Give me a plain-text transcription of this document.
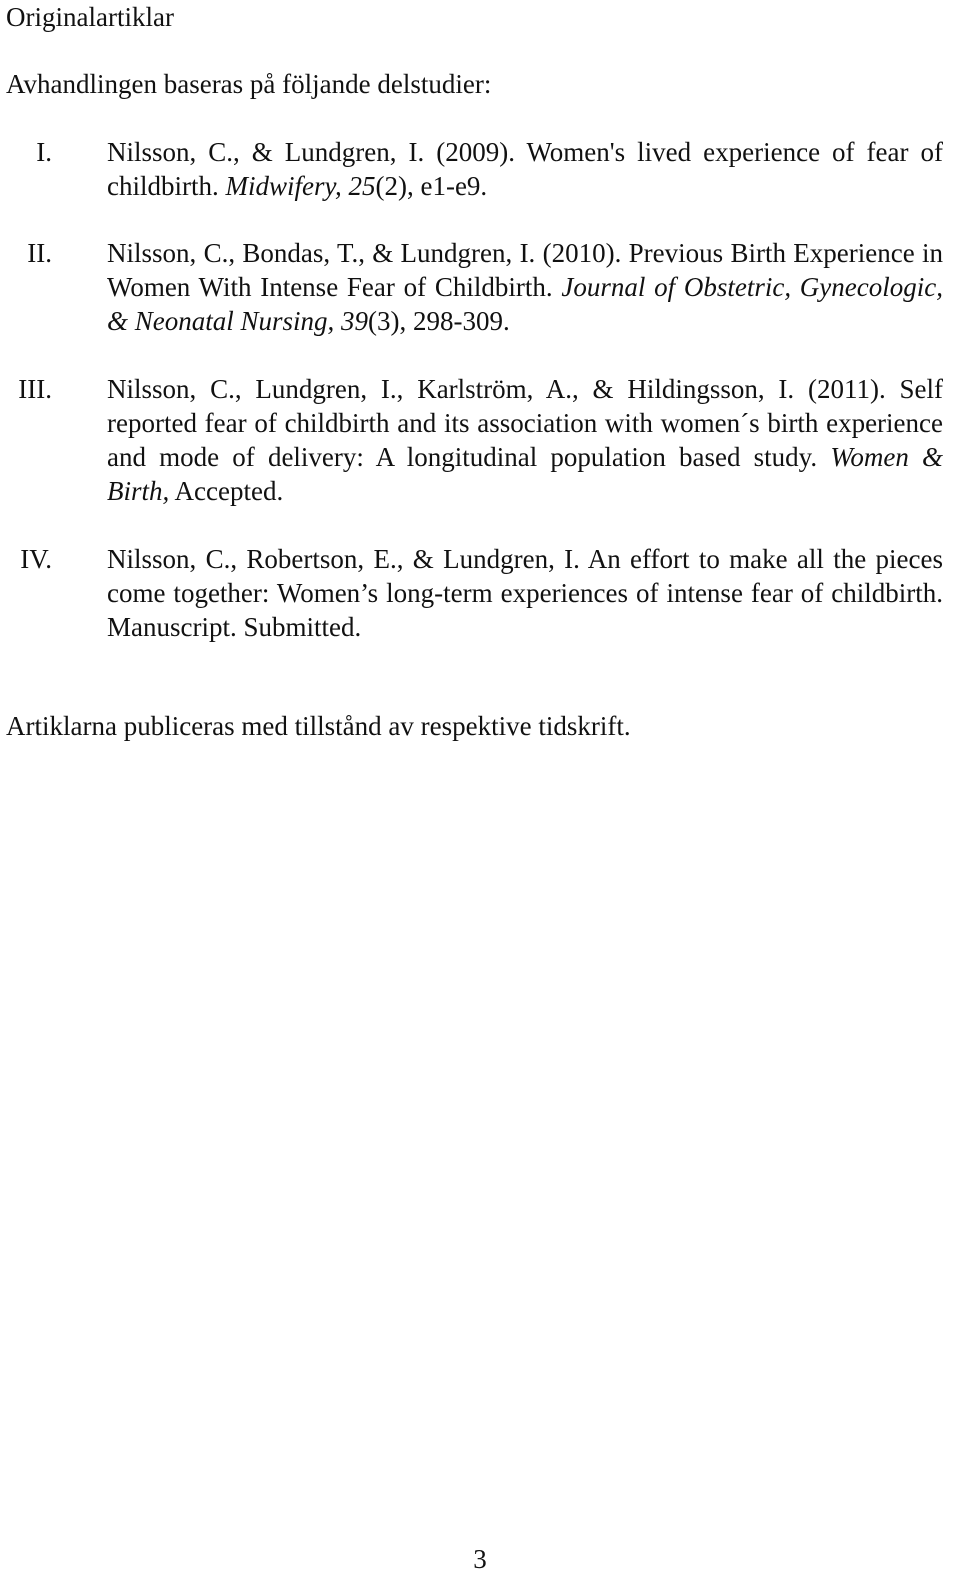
Originalartiklar
Avhandlingen baseras på följande delstudier:
I. Nilsson, C., & Lundgren, I. (2009). Women's lived experience of fear of childbirth. Midwifery, 25(2), e1-e9.
II. Nilsson, C., Bondas, T., & Lundgren, I. (2010). Previous Birth Experience in Women With Intense Fear of Childbirth. Journal of Obstetric, Gynecologic, & Neonatal Nursing, 39(3), 298-309.
III. Nilsson, C., Lundgren, I., Karlström, A., & Hildingsson, I. (2011). Self reported fear of childbirth and its association with women´s birth experience and mode of delivery: A longitudinal population based study. Women & Birth, Accepted.
IV. Nilsson, C., Robertson, E., & Lundgren, I. An effort to make all the pieces come together: Women’s long-term experiences of intense fear of childbirth. Manuscript. Submitted.
Artiklarna publiceras med tillstånd av respektive tidskrift.
3
